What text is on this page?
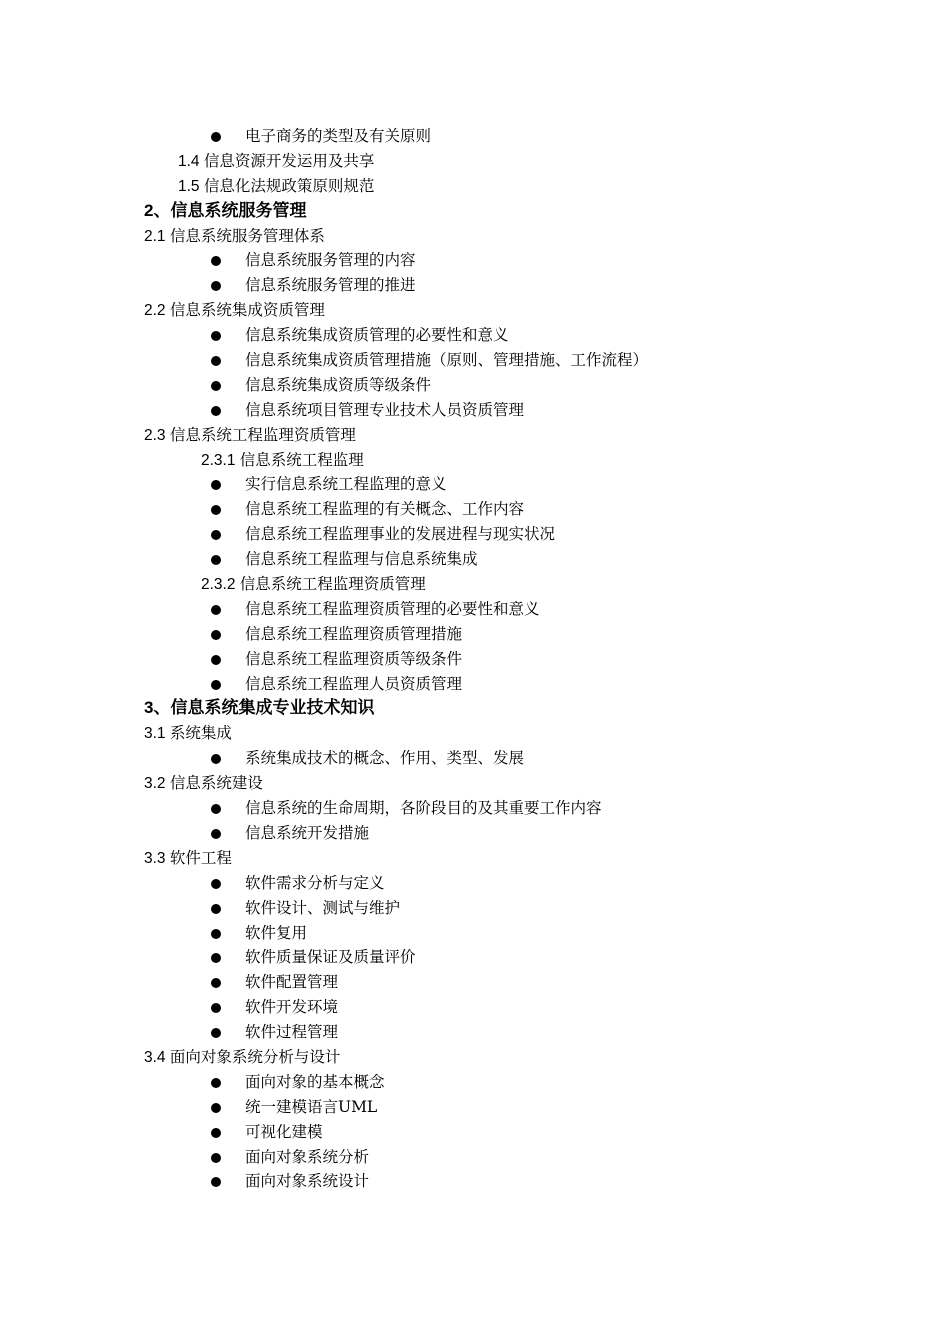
电子商务的类型及有关原则
1.4 信息资源开发运用及共享
1.5 信息化法规政策原则规范
2、信息系统服务管理
2.1 信息系统服务管理体系
信息系统服务管理的内容
信息系统服务管理的推进
2.2 信息系统集成资质管理
信息系统集成资质管理的必要性和意义
信息系统集成资质管理措施（原则、管理措施、工作流程）
信息系统集成资质等级条件
信息系统项目管理专业技术人员资质管理
2.3 信息系统工程监理资质管理
2.3.1 信息系统工程监理
实行信息系统工程监理的意义
信息系统工程监理的有关概念、工作内容
信息系统工程监理事业的发展进程与现实状况
信息系统工程监理与信息系统集成
2.3.2 信息系统工程监理资质管理
信息系统工程监理资质管理的必要性和意义
信息系统工程监理资质管理措施
信息系统工程监理资质等级条件
信息系统工程监理人员资质管理
3、信息系统集成专业技术知识
3.1 系统集成
系统集成技术的概念、作用、类型、发展
3.2 信息系统建设
信息系统的生命周期，各阶段目的及其重要工作内容
信息系统开发措施
3.3 软件工程
软件需求分析与定义
软件设计、测试与维护
软件复用
软件质量保证及质量评价
软件配置管理
软件开发环境
软件过程管理
3.4 面向对象系统分析与设计
面向对象的基本概念
统一建模语言UML
可视化建模
面向对象系统分析
面向对象系统设计
